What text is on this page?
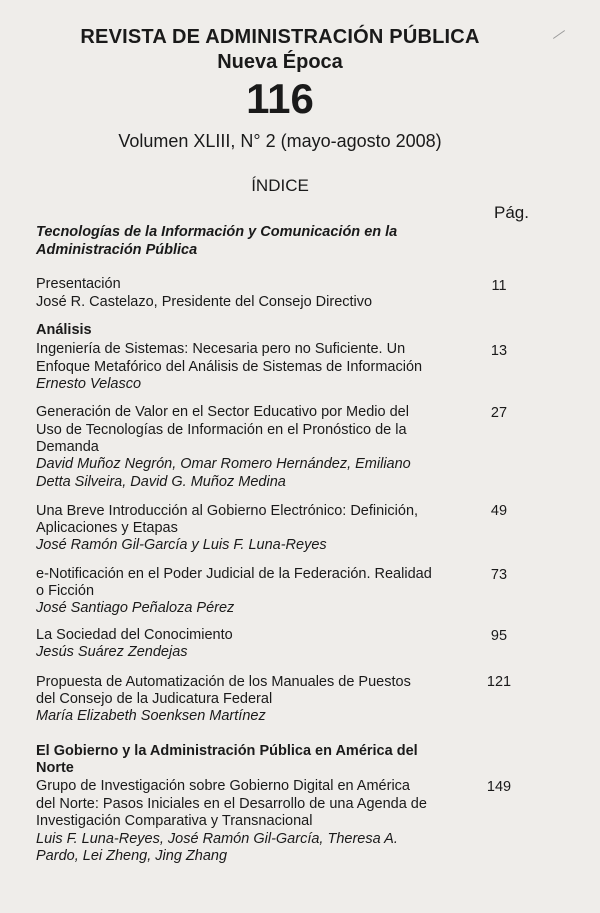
REVISTA DE ADMINISTRACIÓN PÚBLICA
Nueva Época
116
Volumen XLIII, N° 2 (mayo-agosto 2008)
ÍNDICE
Pág.
Tecnologías de la Información y Comunicación en la
Administración Pública
Presentación
José R. Castelazo, Presidente del Consejo Directivo
11
Análisis
Ingeniería de Sistemas: Necesaria pero no Suficiente. Un
Enfoque Metafórico del Análisis de Sistemas de Información
Ernesto Velasco
13
Generación de Valor en el Sector Educativo por Medio del
Uso de Tecnologías de Información en el Pronóstico de la
Demanda
David Muñoz Negrón, Omar Romero Hernández, Emiliano
Detta Silveira, David G. Muñoz Medina
27
Una Breve Introducción al Gobierno Electrónico: Definición,
Aplicaciones y Etapas
José Ramón Gil-García y Luis F. Luna-Reyes
49
e-Notificación en el Poder Judicial de la Federación. Realidad
o Ficción
José Santiago Peñaloza Pérez
73
La Sociedad del Conocimiento
Jesús Suárez Zendejas
95
Propuesta de Automatización de los Manuales de Puestos
del Consejo de la Judicatura Federal
María Elizabeth Soenksen Martínez
121
El Gobierno y la Administración Pública en América del
Norte
Grupo de Investigación sobre Gobierno Digital en América
del Norte: Pasos Iniciales en el Desarrollo de una Agenda de
Investigación Comparativa y Transnacional
Luis F. Luna-Reyes, José Ramón Gil-García, Theresa A.
Pardo, Lei Zheng, Jing Zhang
149
